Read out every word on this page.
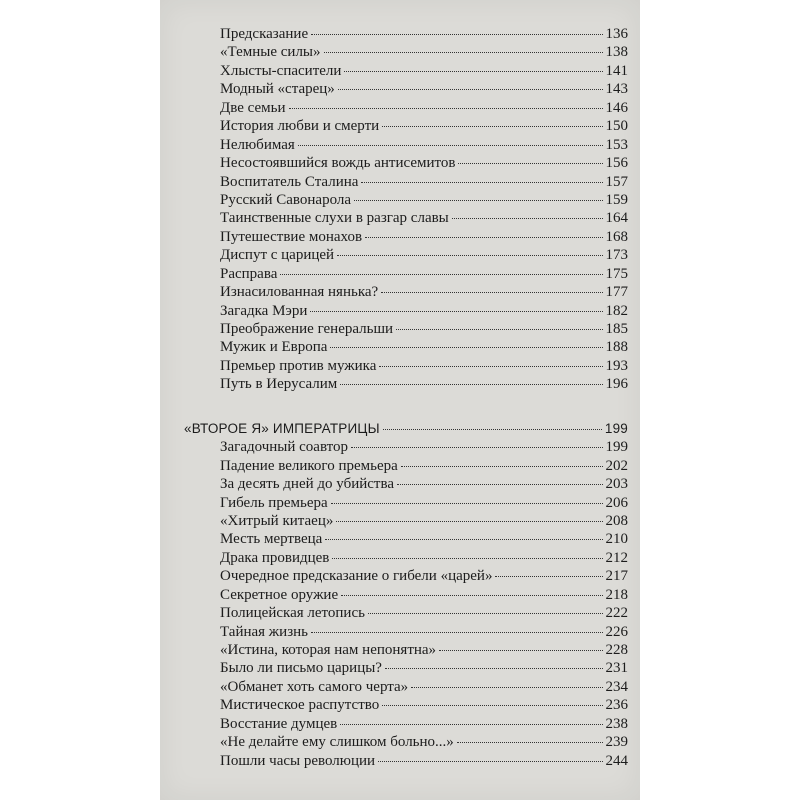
Предсказание	136
«Темные силы»	138
Хлысты-спасители	141
Модный «старец»	143
Две семьи	146
История любви и смерти	150
Нелюбимая	153
Несостоявшийся вождь антисемитов	156
Воспитатель Сталина	157
Русский Савонарола	159
Таинственные слухи в разгар славы	164
Путешествие монахов	168
Диспут с царицей	173
Расправа	175
Изнасилованная нянька?	177
Загадка Мэри	182
Преображение генеральши	185
Мужик и Европа	188
Премьер против мужика	193
Путь в Иерусалим	196
«ВТОРОЕ Я» ИМПЕРАТРИЦЫ	199
Загадочный соавтор	199
Падение великого премьера	202
За десять дней до убийства	203
Гибель премьера	206
«Хитрый китаец»	208
Месть мертвеца	210
Драка провидцев	212
Очередное предсказание о гибели «царей»	217
Секретное оружие	218
Полицейская летопись	222
Тайная жизнь	226
«Истина, которая нам непонятна»	228
Было ли письмо царицы?	231
«Обманет хоть самого черта»	234
Мистическое распутство	236
Восстание думцев	238
«Не делайте ему слишком больно...»	239
Пошли часы революции	244
